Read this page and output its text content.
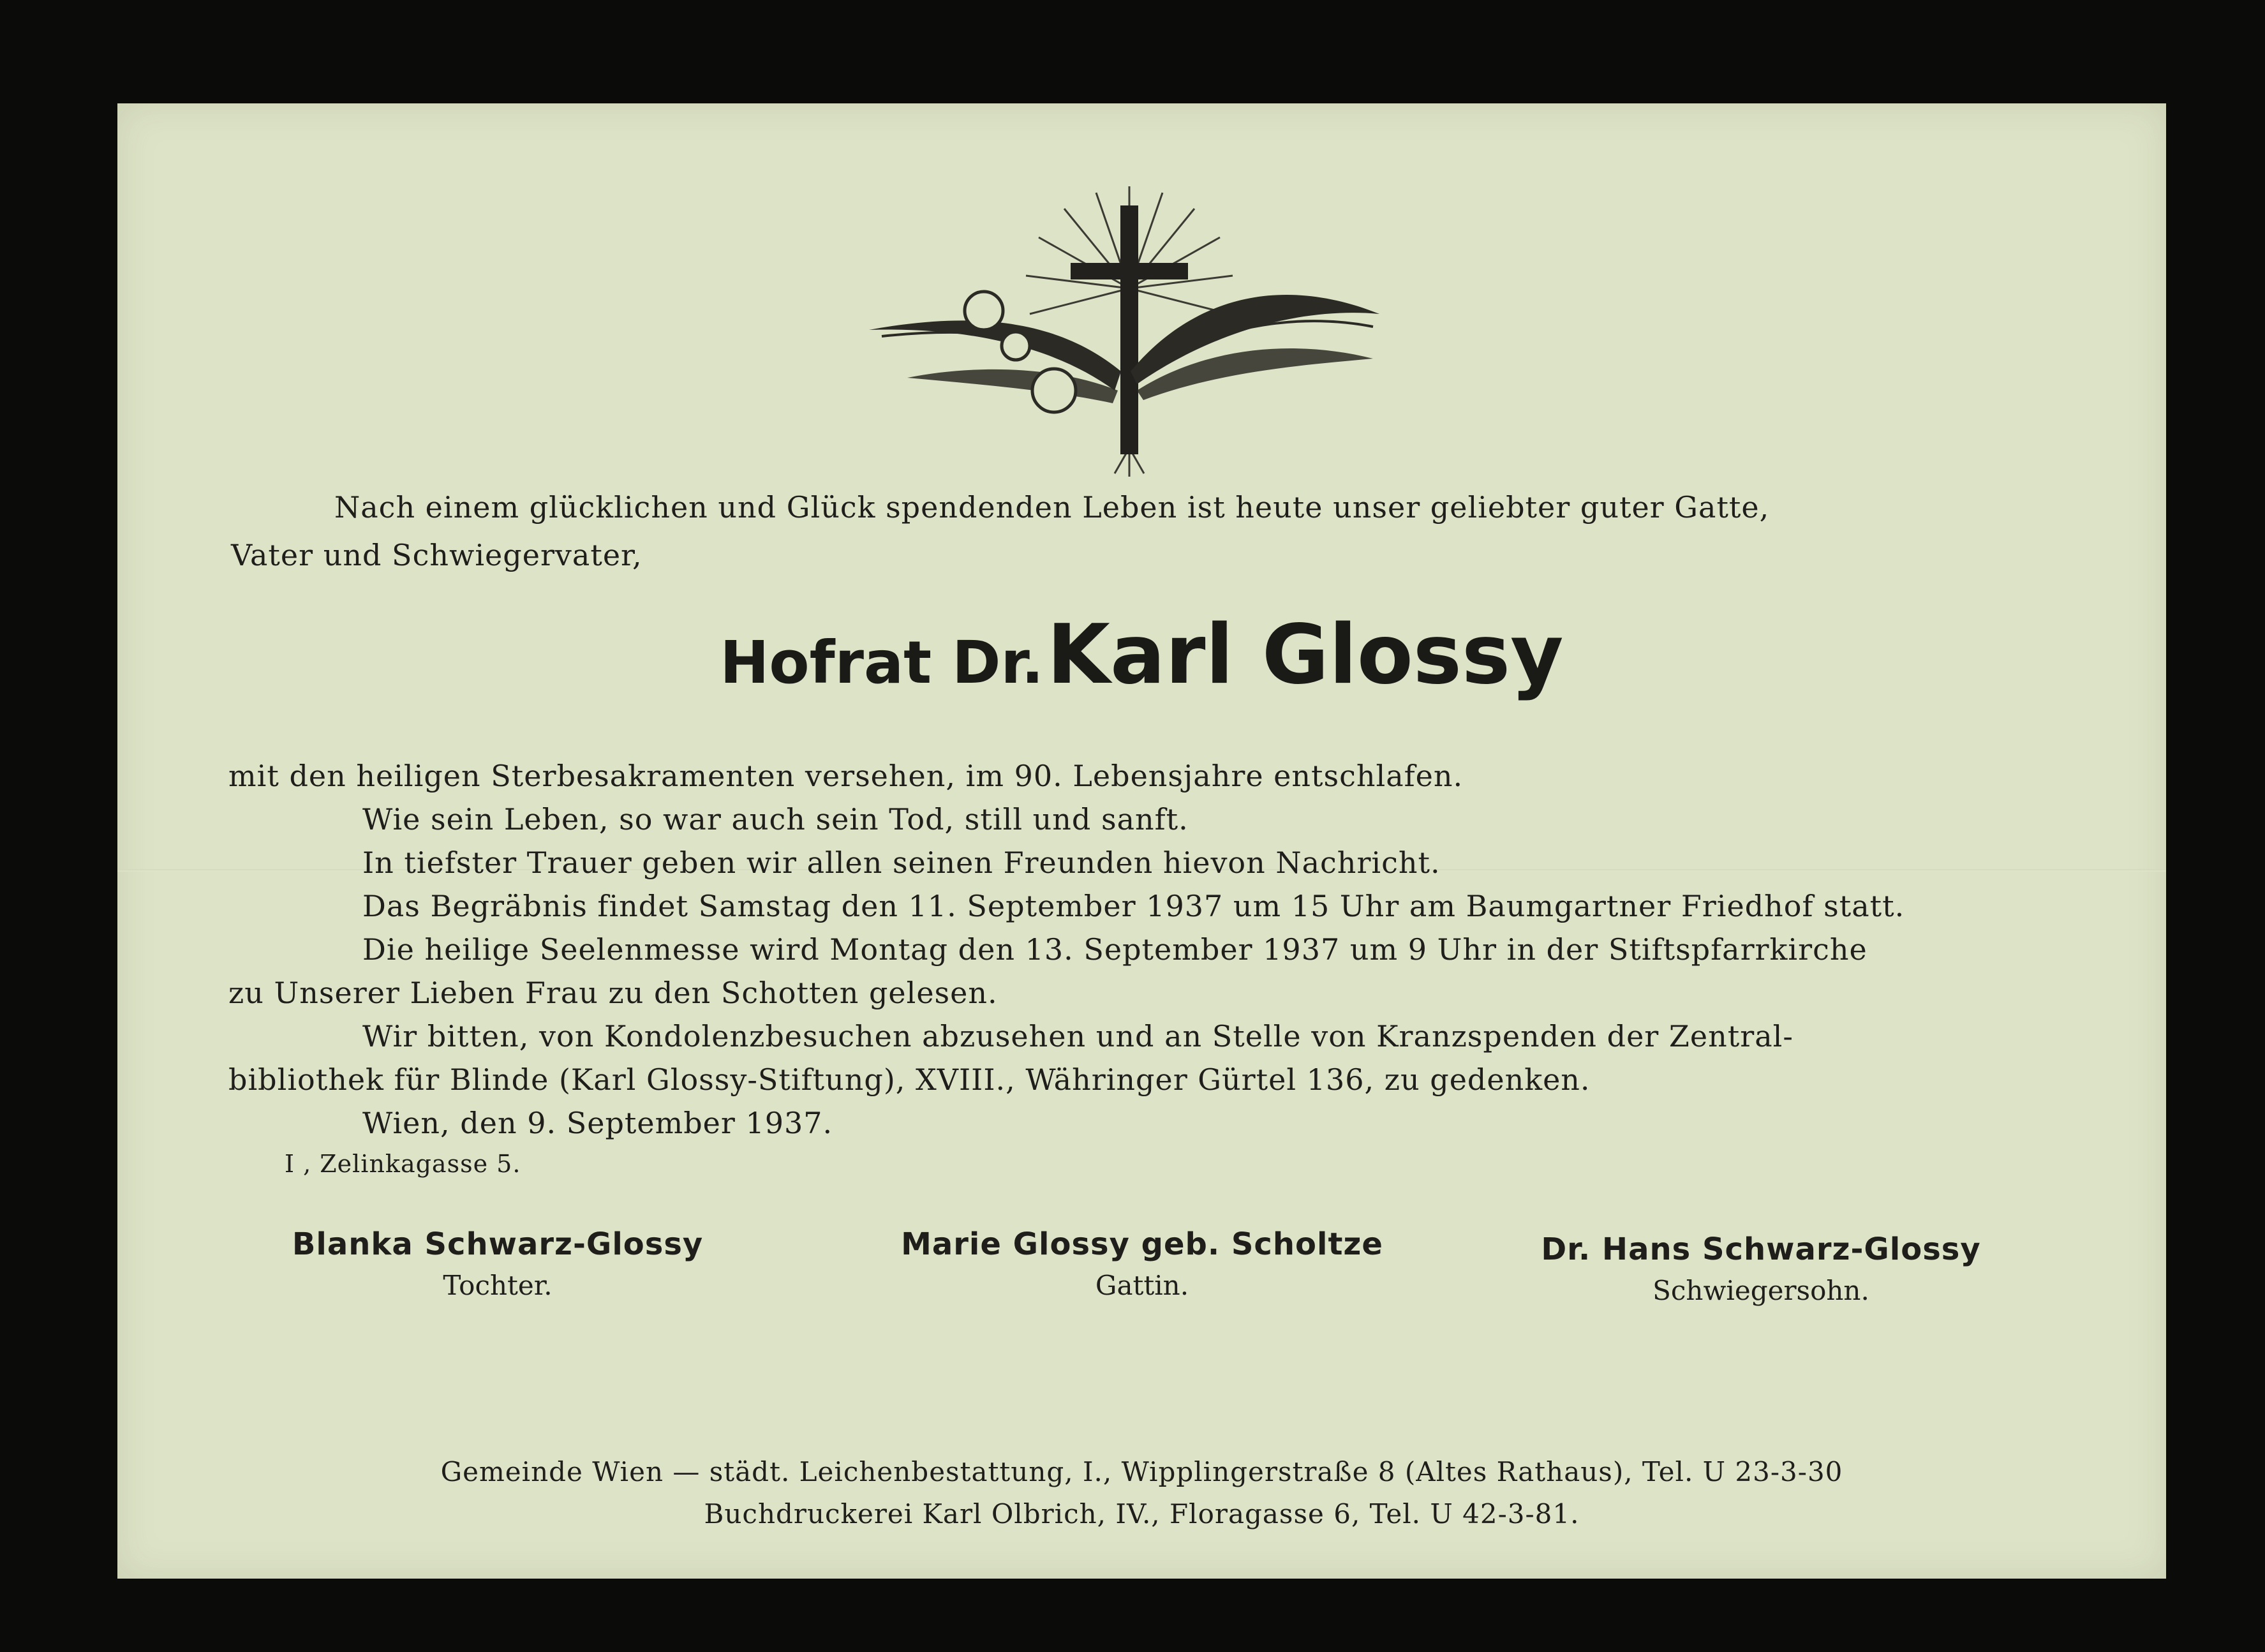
Nach einem glücklichen und Glück spendenden Leben ist heute unser geliebter guter Gatte,
Vater und Schwiegervater,
Hofrat Dr. Karl Glossy
mit den heiligen Sterbesakramenten versehen, im 90. Lebensjahre entschlafen.
Wie sein Leben, so war auch sein Tod, still und sanft.
In tiefster Trauer geben wir allen seinen Freunden hievon Nachricht.
Das Begräbnis findet Samstag den 11. September 1937 um 15 Uhr am Baumgartner Friedhof statt.
Die heilige Seelenmesse wird Montag den 13. September 1937 um 9 Uhr in der Stiftspfarrkirche
zu Unserer Lieben Frau zu den Schotten gelesen.
Wir bitten, von Kondolenzbesuchen abzusehen und an Stelle von Kranzspenden der Zentral-
bibliothek für Blinde (Karl Glossy-Stiftung), XVIII., Währinger Gürtel 136, zu gedenken.
Wien, den 9. September 1937.
I , Zelinkagasse 5.
Blanka Schwarz-Glossy
Tochter.
Marie Glossy geb. Scholtze
Gattin.
Dr. Hans Schwarz-Glossy
Schwiegersohn.
Gemeinde Wien — städt. Leichenbestattung, I., Wipplingerstraße 8 (Altes Rathaus), Tel. U 23-3-30
Buchdruckerei Karl Olbrich, IV., Floragasse 6, Tel. U 42-3-81.
